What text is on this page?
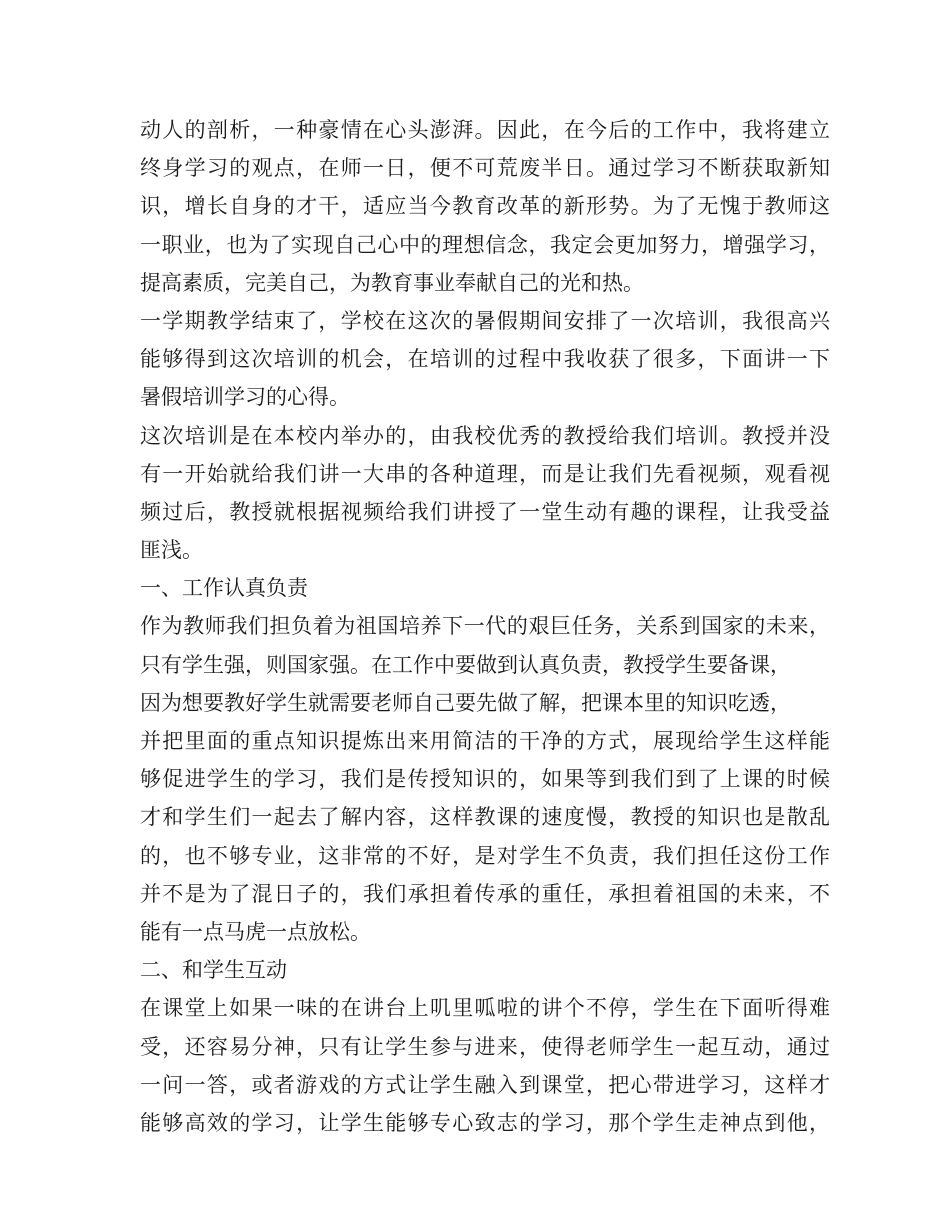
动人的剖析，一种豪情在心头澎湃。因此，在今后的工作中，我将建立
终身学习的观点，在师一日，便不可荒废半日。通过学习不断获取新知
识，增长自身的才干，适应当今教育改革的新形势。为了无愧于教师这
一职业，也为了实现自己心中的理想信念，我定会更加努力，增强学习，
提高素质，完美自己，为教育事业奉献自己的光和热。
一学期教学结束了，学校在这次的暑假期间安排了一次培训，我很高兴
能够得到这次培训的机会，在培训的过程中我收获了很多，下面讲一下
暑假培训学习的心得。
这次培训是在本校内举办的，由我校优秀的教授给我们培训。教授并没
有一开始就给我们讲一大串的各种道理，而是让我们先看视频，观看视
频过后，教授就根据视频给我们讲授了一堂生动有趣的课程，让我受益
匪浅。
一、工作认真负责
作为教师我们担负着为祖国培养下一代的艰巨任务，关系到国家的未来，
只有学生强，则国家强。在工作中要做到认真负责，教授学生要备课，
因为想要教好学生就需要老师自己要先做了解，把课本里的知识吃透，
并把里面的重点知识提炼出来用简洁的干净的方式，展现给学生这样能
够促进学生的学习，我们是传授知识的，如果等到我们到了上课的时候
才和学生们一起去了解内容，这样教课的速度慢，教授的知识也是散乱
的，也不够专业，这非常的不好，是对学生不负责，我们担任这份工作
并不是为了混日子的，我们承担着传承的重任，承担着祖国的未来，不
能有一点马虎一点放松。
二、和学生互动
在课堂上如果一味的在讲台上叽里呱啦的讲个不停，学生在下面听得难
受，还容易分神，只有让学生参与进来，使得老师学生一起互动，通过
一问一答，或者游戏的方式让学生融入到课堂，把心带进学习，这样才
能够高效的学习，让学生能够专心致志的学习，那个学生走神点到他，
